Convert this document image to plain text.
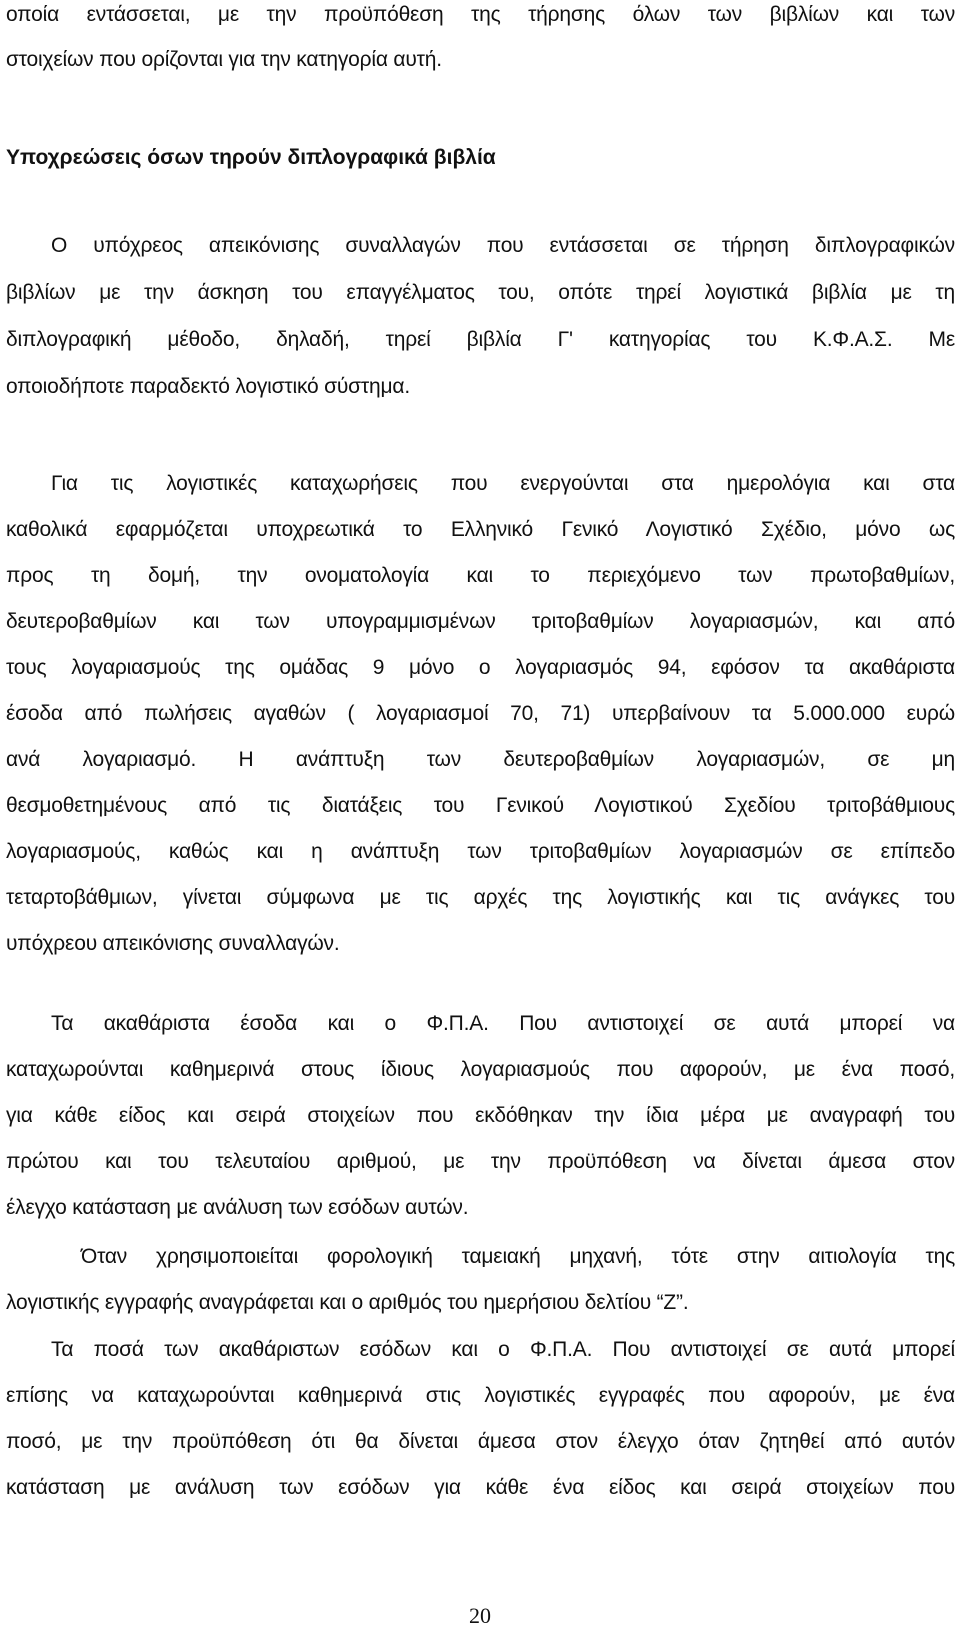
οποία εντάσσεται, με την προϋπόθεση της τήρησης όλων των βιβλίων και των
στοιχείων που ορίζονται για την κατηγορία αυτή.
Υποχρεώσεις όσων τηρούν διπλογραφικά βιβλία
Ο υπόχρεος απεικόνισης συναλλαγών που εντάσσεται σε τήρηση διπλογραφικών
βιβλίων με την άσκηση του επαγγέλματος του, οπότε τηρεί λογιστικά βιβλία με τη
διπλογραφική μέθοδο, δηλαδή, τηρεί βιβλία Γ' κατηγορίας του Κ.Φ.Α.Σ. Με
οποιοδήποτε παραδεκτό λογιστικό σύστημα.
Για τις λογιστικές καταχωρήσεις που ενεργούνται στα ημερολόγια και στα
καθολικά εφαρμόζεται υποχρεωτικά το Ελληνικό Γενικό Λογιστικό Σχέδιο, μόνο ως
προς τη δομή, την ονοματολογία και το περιεχόμενο των πρωτοβαθμίων,
δευτεροβαθμίων και των υπογραμμισμένων τριτοβαθμίων λογαριασμών, και από
τους λογαριασμούς της ομάδας 9 μόνο ο λογαριασμός 94, εφόσον τα ακαθάριστα
έσοδα από πωλήσεις αγαθών ( λογαριασμοί 70, 71) υπερβαίνουν τα 5.000.000 ευρώ
ανά λογαριασμό. Η ανάπτυξη των δευτεροβαθμίων λογαριασμών, σε μη
θεσμοθετημένους από τις διατάξεις του Γενικού Λογιστικού Σχεδίου τριτοβάθμιους
λογαριασμούς, καθώς και η ανάπτυξη των τριτοβαθμίων λογαριασμών σε επίπεδο
τεταρτοβάθμιων, γίνεται σύμφωνα με τις αρχές της λογιστικής και τις ανάγκες του
υπόχρεου απεικόνισης συναλλαγών.
Τα ακαθάριστα έσοδα και ο Φ.Π.Α. Που αντιστοιχεί σε αυτά μπορεί να
καταχωρούνται καθημερινά στους ίδιους λογαριασμούς που αφορούν, με ένα ποσό,
για κάθε είδος και σειρά στοιχείων που εκδόθηκαν την ίδια μέρα με αναγραφή του
πρώτου και του τελευταίου αριθμού, με την προϋπόθεση να δίνεται άμεσα στον
έλεγχο κατάσταση με ανάλυση των εσόδων αυτών.
Όταν χρησιμοποιείται φορολογική ταμειακή μηχανή, τότε στην αιτιολογία της
λογιστικής εγγραφής αναγράφεται και ο αριθμός του ημερήσιου δελτίου “Ζ”.
Τα ποσά των ακαθάριστων εσόδων και ο Φ.Π.Α. Που αντιστοιχεί σε αυτά μπορεί
επίσης να καταχωρούνται καθημερινά στις λογιστικές εγγραφές που αφορούν, με ένα
ποσό, με την προϋπόθεση ότι θα δίνεται άμεσα στον έλεγχο όταν ζητηθεί από αυτόν
κατάσταση με ανάλυση των εσόδων για κάθε ένα είδος και σειρά στοιχείων που
20
